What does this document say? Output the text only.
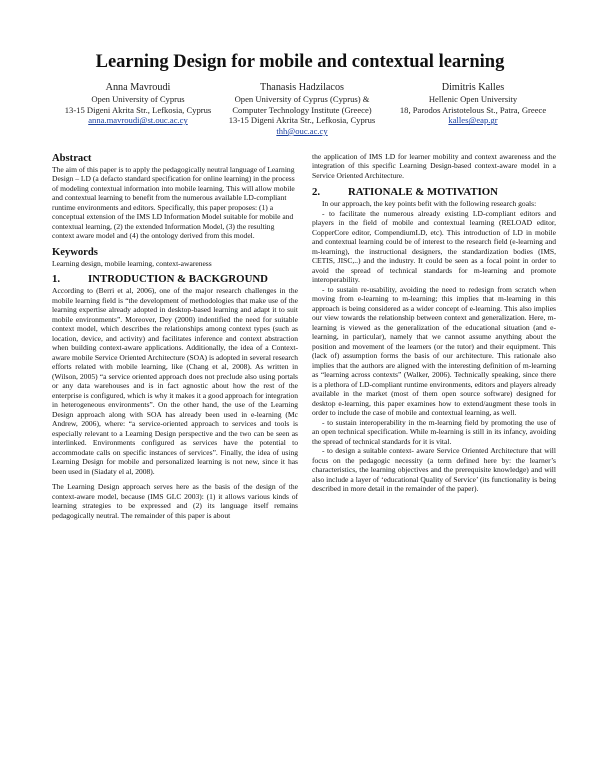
Learning Design for mobile and contextual learning
Anna Mavroudi
Open University of Cyprus
13-15 Digeni Akrita Str., Lefkosia, Cyprus
anna.mavroudi@st.ouc.ac.cy
Thanasis Hadzilacos
Open University of Cyprus (Cyprus) &
Computer Technology Institute (Greece)
13-15 Digeni Akrita Str., Lefkosia, Cyprus
thh@ouc.ac.cy
Dimitris Kalles
Hellenic Open University
18, Parodos Aristotelous St., Patra, Greece
kalles@eap.gr
Abstract

The aim of this paper is to apply the pedagogically neutral language of Learning Design – LD (a defacto standard specification for online learning) in the process of modeling contextual information into mobile learning. This will allow mobile and contextual learning to benefit from the numerous available LD-compliant runtime environments and editors. Specifically, this paper proposes: (1) a conceptual extension of the IMS LD Information Model suitable for mobile and contextual learning, (2) the extended Information Model, (3) the resulting context aware model and (4) the ontology derived from this model.

Keywords

Learning design, mobile learning, context-awareness

1.	INTRODUCTION & BACKGROUND

According to (Berri et al, 2006), one of the major research challenges in the mobile learning field is “the development of methodologies that make use of the learning expertise already adopted in desktop-based learning and adapt it to suit mobile environments”. Moreover, Dey (2000) indentified the need for suitable context model, which describes the relationships among context types (such as location, device, and activity) and facilitates inference and context abstraction when building context-aware applications. Additionally, the idea of a Context-aware mobile Service Oriented Architecture (SOA) is adopted in several research efforts related with mobile learning, like (Chang et al, 2008). As written in (Wilson, 2005) “a service oriented approach does not preclude also using portals or any data warehouses and is in fact agnostic about how the rest of the enterprise is configured, which is why it makes it a good approach for integration in heterogeneous environments”. On the other hand, the use of the Learning Design approach along with SOA has already been used in e-learning (Mc Andrew, 2006), where: “a service-oriented approach to services and tools is especially relevant to a Learning Design perspective and the two can be seen as interlinked. Environments configured as services have the potential to accommodate calls on specific instances of services”. Finally, the idea of using Learning Design for mobile and personalized learning is not new, since it has been used in (Siadaty el al, 2008).

The Learning Design approach serves here as the basis of the design of the context-aware model, because (IMS GLC 2003): (1) it allows various kinds of learning strategies to be expressed and (2) its language itself remains pedagogically neutral. The remainder of this paper is about

the application of IMS LD for learner mobility and context awareness and the integration of this specific Learning Design-based context-aware model in a Service Oriented Architecture.

2.	RATIONALE & MOTIVATION

In our approach, the key points befit with the following research goals:

- to facilitate the numerous already existing LD-compliant editors and players in the field of mobile and contextual learning (RELOAD editor, CopperCore editor, CompendiumLD, etc). This introduction of LD in mobile and contextual learning could be of interest to the research field (e-learning and m-learning), the instructional designers, the standardization bodies (IMS, CETIS, JISC,..) and the industry. It could be seen as a focal point in order to avoid the spread of technical standards for m-learning and promote interoperability.

- to sustain re-usability, avoiding the need to redesign from scratch when moving from e-learning to m-learning; this implies that m-learning in this approach is being considered as a wider concept of e-learning. This also implies our view towards the relationship between context and generalization. Here, m-learning is viewed as the generalization of the educational situation (and e-learning, in particular), namely that we cannot assume anything about the position and movement of the learners (or the tutor) and their equipment. This (lack of) assumption forms the basis of our architecture. This rationale also implies that the authors are aligned with the interesting definition of m-learning as “learning across contexts” (Walker, 2006). Technically speaking, since there is a plethora of LD-compliant runtime environments, editors and players already available in the market (most of them open source software) designed for desktop e-learning, this paper examines how to extend/augment these tools in order to include the case of mobile and contextual learning, as well.

- to sustain interoperability in the m-learning field by promoting the use of an open technical specification. While m-learning is still in its infancy, avoiding the spread of technical standards for it is vital.

- to design a suitable context- aware Service Oriented Architecture that will focus on the pedagogic necessity (a term defined here by: the learner’s characteristics, the learning objectives and the prerequisite knowledge) and will also include a layer of ‘educational Quality of Service’ (its functionality is being described in more detail in the remainder of the paper).
